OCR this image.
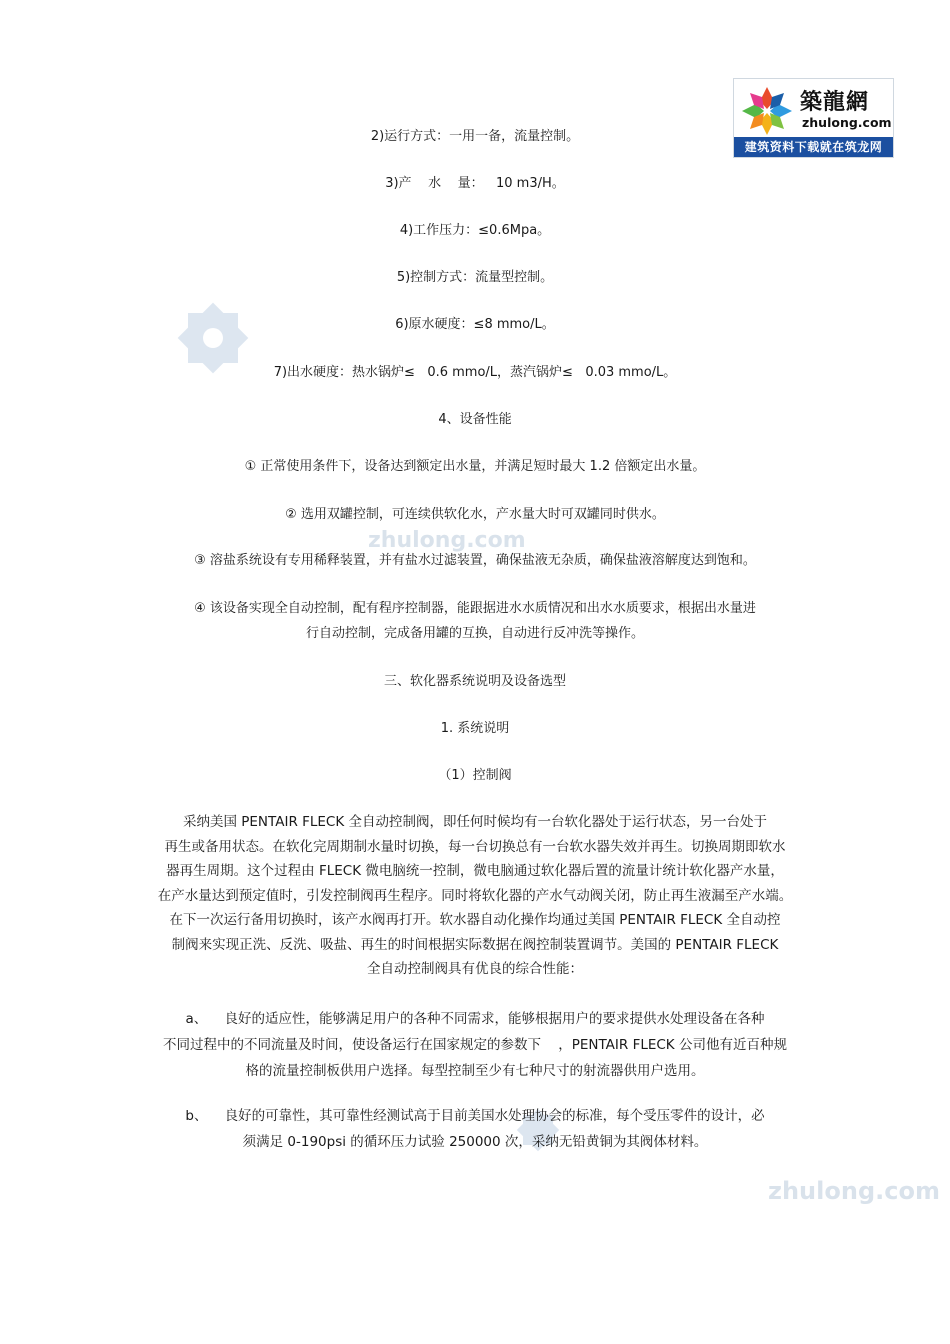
zhulong.com
zhulong.com
築龍網
zhulong.com
建筑资料下载就在筑龙网
2)运行方式：一用一备，流量控制。
3)产    水    量：   10 m3/H。
4)工作压力：≤0.6Mpa。
5)控制方式：流量型控制。
6)原水硬度：≤8 mmo/L。
7)出水硬度：热水锅炉≤   0.6 mmo/L，蒸汽锅炉≤   0.03 mmo/L。
4、设备性能
① 正常使用条件下，设备达到额定出水量，并满足短时最大 1.2 倍额定出水量。
② 选用双罐控制，可连续供软化水，产水量大时可双罐同时供水。
③ 溶盐系统设有专用稀释装置，并有盐水过滤装置，确保盐液无杂质，确保盐液溶解度达到饱和。
④ 该设备实现全自动控制，配有程序控制器，能跟据进水水质情况和出水水质要求，根据出水量进
行自动控制，完成备用罐的互换，自动进行反冲洗等操作。
三、软化器系统说明及设备选型
1. 系统说明
（1）控制阀

采纳美国 PENTAIR FLECK 全自动控制阀，即任何时候均有一台软化器处于运行状态，另一台处于

再生或备用状态。在软化完周期制水量时切换，每一台切换总有一台软水器失效并再生。切换周期即软水

器再生周期。这个过程由 FLECK 微电脑统一控制，微电脑通过软化器后置的流量计统计软化器产水量，

在产水量达到预定值时，引发控制阀再生程序。同时将软化器的产水气动阀关闭，防止再生液漏至产水端。

在下一次运行备用切换时，该产水阀再打开。软水器自动化操作均通过美国 PENTAIR FLECK 全自动控

制阀来实现正洗、反洗、吸盐、再生的时间根据实际数据在阀控制装置调节。美国的 PENTAIR FLECK

全自动控制阀具有优良的综合性能：

a、    良好的适应性，能够满足用户的各种不同需求，能够根据用户的要求提供水处理设备在各种

不同过程中的不同流量及时间，使设备运行在国家规定的参数下    ，PENTAIR FLECK 公司他有近百种规

格的流量控制板供用户选择。每型控制至少有七种尺寸的射流器供用户选用。

b、    良好的可靠性，其可靠性经测试高于目前美国水处理协会的标准，每个受压零件的设计，必

须满足 0-190psi 的循环压力试验 250000 次，采纳无铅黄铜为其阀体材料。
